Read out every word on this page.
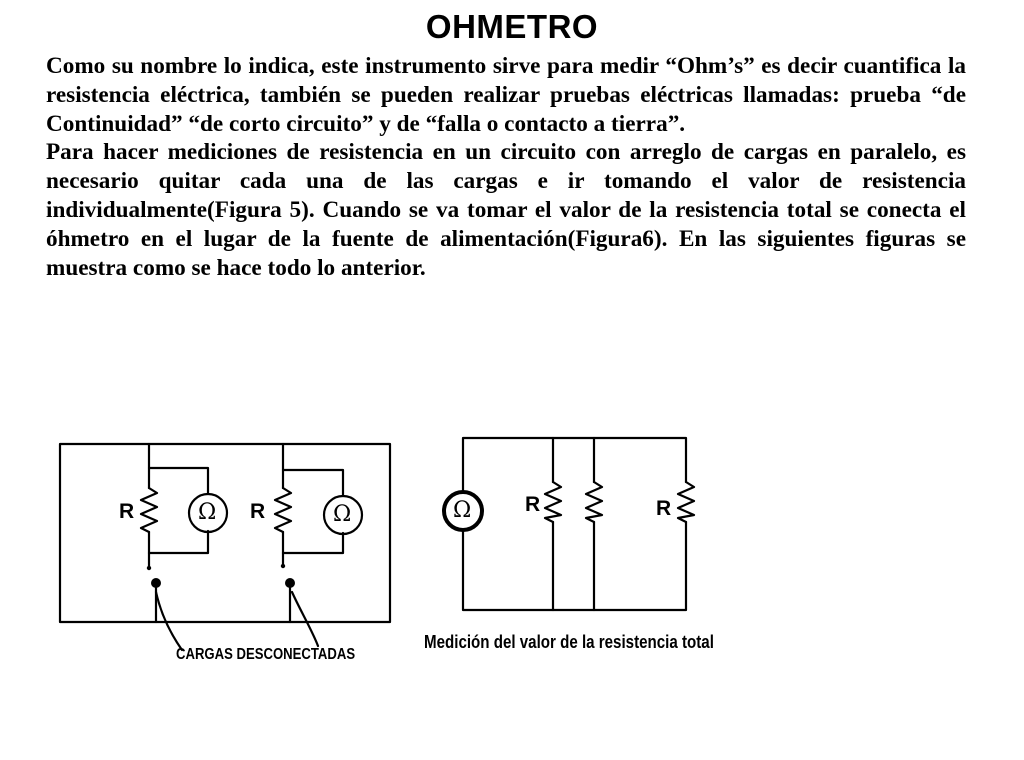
OHMETRO

Como su nombre lo indica, este instrumento sirve para medir “Ohm’s” es decir cuantifica la resistencia eléctrica, también se pueden realizar pruebas eléctricas llamadas: prueba “de Continuidad” “de corto circuito” y de “falla o contacto a tierra”.

Para hacer mediciones de resistencia en un circuito con arreglo de cargas en paralelo, es necesario quitar cada una de las cargas e ir tomando el valor de resistencia individualmente(Figura 5). Cuando se va tomar el valor de la resistencia total se conecta el óhmetro en el lugar de la fuente de alimentación(Figura6). En las siguientes figuras se muestra como se hace todo lo anterior.

R	R
Ω	Ω
CARGAS DESCONECTADAS
Ω	R	R
Medición del valor de la resistencia total
